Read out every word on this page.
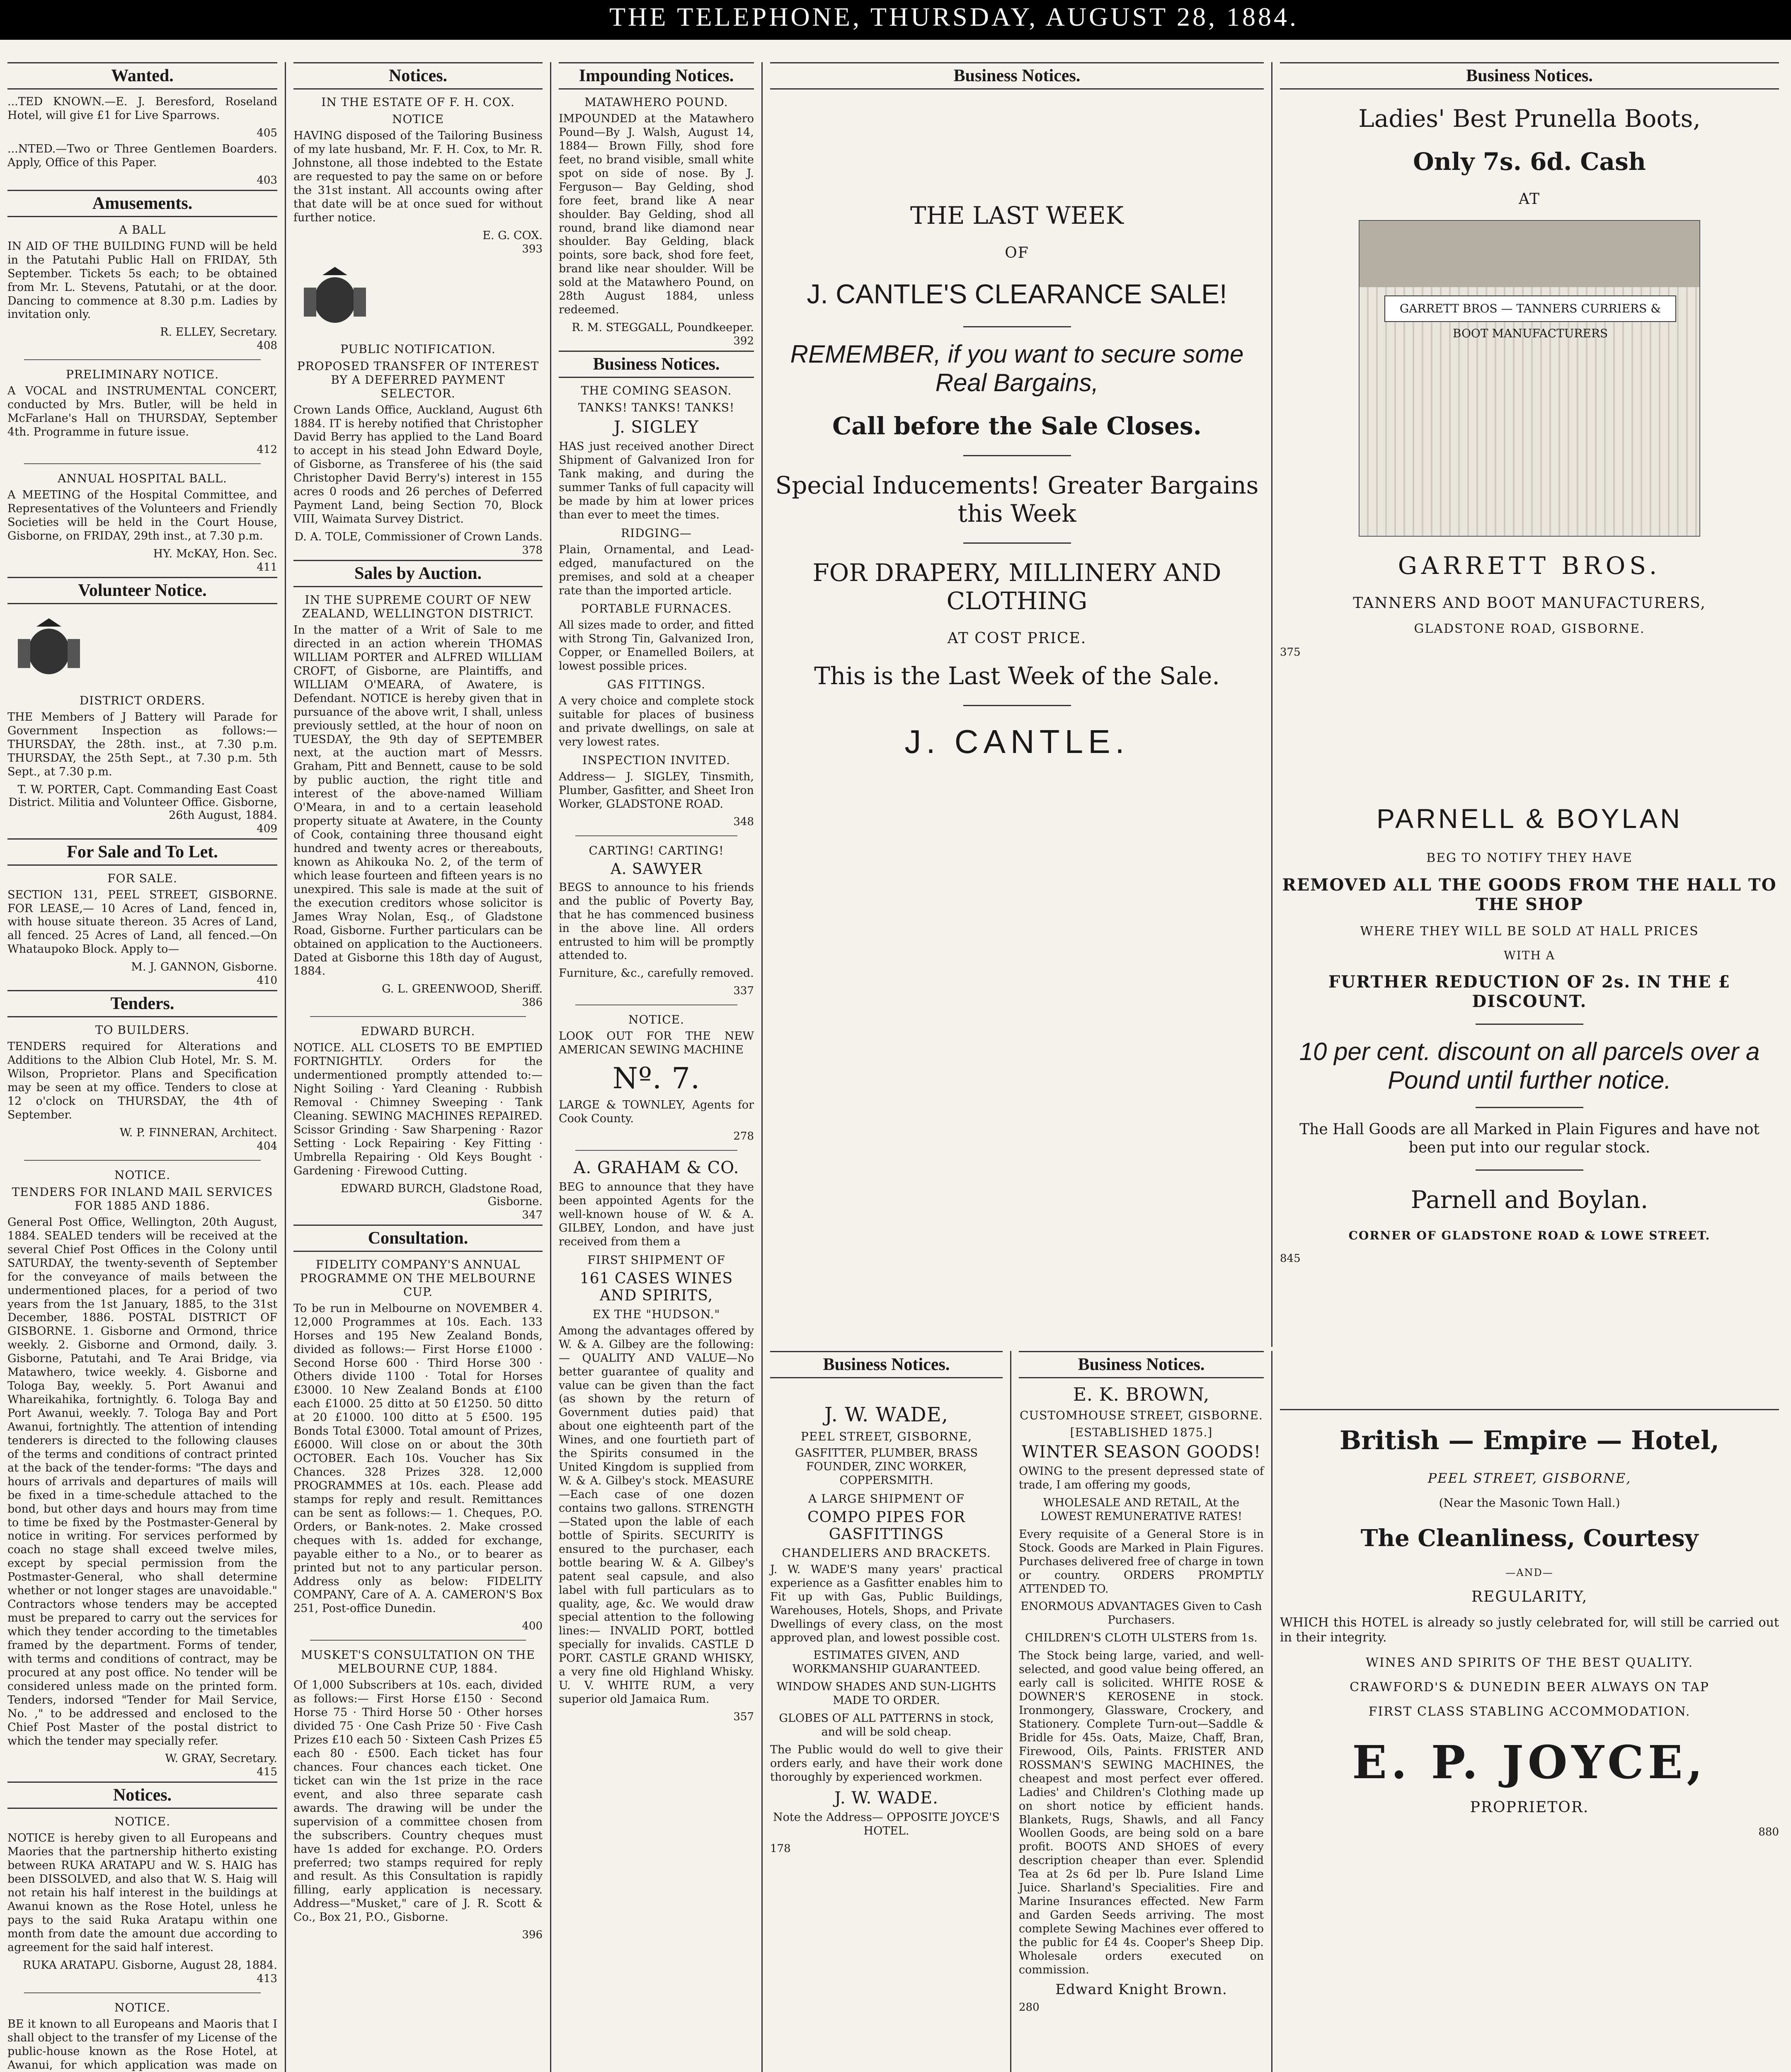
THE TELEPHONE, THURSDAY, AUGUST 28, 1884.
Wanted.

...TED KNOWN.—E. J. Beresford, Roseland Hotel, will give £1 for Live Sparrows.

405

...NTED.—Two or Three Gentlemen Boarders. Apply, Office of this Paper.

403
Amusements.
A BALL

IN AID OF THE BUILDING FUND will be held in the Patutahi Public Hall on FRIDAY, 5th September. Tickets 5s each; to be obtained from Mr. L. Stevens, Patutahi, or at the door. Dancing to commence at 8.30 p.m. Ladies by invitation only.

R. ELLEY, Secretary.
408
PRELIMINARY NOTICE.

A VOCAL and INSTRUMENTAL CONCERT, conducted by Mrs. Butler, will be held in McFarlane's Hall on THURSDAY, September 4th. Programme in future issue.

412
ANNUAL HOSPITAL BALL.

A MEETING of the Hospital Committee, and Representatives of the Volunteers and Friendly Societies will be held in the Court House, Gisborne, on FRIDAY, 29th inst., at 7.30 p.m.

HY. McKAY, Hon. Sec.
411
Volunteer Notice.
DISTRICT ORDERS.

THE Members of J Battery will Parade for Government Inspection as follows:— THURSDAY, the 28th. inst., at 7.30 p.m. THURSDAY, the 25th Sept., at 7.30 p.m. 5th Sept., at 7.30 p.m.

T. W. PORTER, Capt. Commanding East Coast District. Militia and Volunteer Office. Gisborne, 26th August, 1884.
409
For Sale and To Let.
FOR SALE.

SECTION 131, PEEL STREET, GISBORNE. FOR LEASE,— 10 Acres of Land, fenced in, with house situate thereon. 35 Acres of Land, all fenced. 25 Acres of Land, all fenced.—On Whataupoko Block. Apply to—

M. J. GANNON, Gisborne.
410
Tenders.
TO BUILDERS.

TENDERS required for Alterations and Additions to the Albion Club Hotel, Mr. S. M. Wilson, Proprietor. Plans and Specification may be seen at my office. Tenders to close at 12 o'clock on THURSDAY, the 4th of September.

W. P. FINNERAN, Architect.
404
NOTICE.
TENDERS FOR INLAND MAIL SERVICES FOR 1885 AND 1886.

General Post Office, Wellington, 20th August, 1884. SEALED tenders will be received at the several Chief Post Offices in the Colony until SATURDAY, the twenty-seventh of September for the conveyance of mails between the undermentioned places, for a period of two years from the 1st January, 1885, to the 31st December, 1886. POSTAL DISTRICT OF GISBORNE. 1. Gisborne and Ormond, thrice weekly. 2. Gisborne and Ormond, daily. 3. Gisborne, Patutahi, and Te Arai Bridge, via Matawhero, twice weekly. 4. Gisborne and Tologa Bay, weekly. 5. Port Awanui and Whareikahika, fortnightly. 6. Tologa Bay and Port Awanui, weekly. 7. Tologa Bay and Port Awanui, fortnightly. The attention of intending tenderers is directed to the following clauses of the terms and conditions of contract printed at the back of the tender-forms: "The days and hours of arrivals and departures of mails will be fixed in a time-schedule attached to the bond, but other days and hours may from time to time be fixed by the Postmaster-General by notice in writing. For services performed by coach no stage shall exceed twelve miles, except by special permission from the Postmaster-General, who shall determine whether or not longer stages are unavoidable." Contractors whose tenders may be accepted must be prepared to carry out the services for which they tender according to the timetables framed by the department. Forms of tender, with terms and conditions of contract, may be procured at any post office. No tender will be considered unless made on the printed form. Tenders, indorsed "Tender for Mail Service, No. ," to be addressed and enclosed to the Chief Post Master of the postal district to which the tender may specially refer.

W. GRAY, Secretary.
415
Notices.
NOTICE.

NOTICE is hereby given to all Europeans and Maories that the partnership hitherto existing between RUKA ARATAPU and W. S. HAIG has been DISSOLVED, and also that W. S. Haig will not retain his half interest in the buildings at Awanui known as the Rose Hotel, unless he pays to the said Ruka Aratapu within one month from date the amount due according to agreement for the said half interest.

RUKA ARATAPU. Gisborne, August 28, 1884.
413
NOTICE.

BE it known to all Europeans and Maoris that I shall object to the transfer of my License of the public-house known as the Rose Hotel, at Awanui, for which application was made on

Notices.
IN THE ESTATE OF F. H. COX.
NOTICE

HAVING disposed of the Tailoring Business of my late husband, Mr. F. H. Cox, to Mr. R. Johnstone, all those indebted to the Estate are requested to pay the same on or before the 31st instant. All accounts owing after that date will be at once sued for without further notice.

E. G. COX.
393
PUBLIC NOTIFICATION.
PROPOSED TRANSFER OF INTEREST BY A DEFERRED PAYMENT SELECTOR.

Crown Lands Office, Auckland, August 6th 1884. IT is hereby notified that Christopher David Berry has applied to the Land Board to accept in his stead John Edward Doyle, of Gisborne, as Transferee of his (the said Christopher David Berry's) interest in 155 acres 0 roods and 26 perches of Deferred Payment Land, being Section 70, Block VIII, Waimata Survey District.

D. A. TOLE, Commissioner of Crown Lands.
378
Sales by Auction.
IN THE SUPREME COURT OF NEW ZEALAND, WELLINGTON DISTRICT.

In the matter of a Writ of Sale to me directed in an action wherein THOMAS WILLIAM PORTER and ALFRED WILLIAM CROFT, of Gisborne, are Plaintiffs, and WILLIAM O'MEARA, of Awatere, is Defendant. NOTICE is hereby given that in pursuance of the above writ, I shall, unless previously settled, at the hour of noon on TUESDAY, the 9th day of SEPTEMBER next, at the auction mart of Messrs. Graham, Pitt and Bennett, cause to be sold by public auction, the right title and interest of the above-named William O'Meara, in and to a certain leasehold property situate at Awatere, in the County of Cook, containing three thousand eight hundred and twenty acres or thereabouts, known as Ahikouka No. 2, of the term of which lease fourteen and fifteen years is no unexpired. This sale is made at the suit of the execution creditors whose solicitor is James Wray Nolan, Esq., of Gladstone Road, Gisborne. Further particulars can be obtained on application to the Auctioneers. Dated at Gisborne this 18th day of August, 1884.

G. L. GREENWOOD, Sheriff.
386
EDWARD BURCH.

NOTICE. ALL CLOSETS TO BE EMPTIED FORTNIGHTLY. Orders for the undermentioned promptly attended to:— Night Soiling · Yard Cleaning · Rubbish Removal · Chimney Sweeping · Tank Cleaning. SEWING MACHINES REPAIRED. Scissor Grinding · Saw Sharpening · Razor Setting · Lock Repairing · Key Fitting · Umbrella Repairing · Old Keys Bought · Gardening · Firewood Cutting.

EDWARD BURCH, Gladstone Road, Gisborne.
347
Consultation.
FIDELITY COMPANY'S ANNUAL PROGRAMME ON THE MELBOURNE CUP.

To be run in Melbourne on NOVEMBER 4. 12,000 Programmes at 10s. Each. 133 Horses and 195 New Zealand Bonds, divided as follows:— First Horse £1000 · Second Horse 600 · Third Horse 300 · Others divide 1100 · Total for Horses £3000. 10 New Zealand Bonds at £100 each £1000. 25 ditto at 50 £1250. 50 ditto at 20 £1000. 100 ditto at 5 £500. 195 Bonds Total £3000. Total amount of Prizes, £6000. Will close on or about the 30th OCTOBER. Each 10s. Voucher has Six Chances. 328 Prizes 328. 12,000 PROGRAMMES at 10s. each. Please add stamps for reply and result. Remittances can be sent as follows:— 1. Cheques, P.O. Orders, or Bank-notes. 2. Make crossed cheques with 1s. added for exchange, payable either to a No., or to bearer as printed but not to any particular person. Address only as below: FIDELITY COMPANY, Care of A. A. CAMERON'S Box 251, Post-office Dunedin.

400
MUSKET'S CONSULTATION ON THE MELBOURNE CUP, 1884.

Of 1,000 Subscribers at 10s. each, divided as follows:— First Horse £150 · Second Horse 75 · Third Horse 50 · Other horses divided 75 · One Cash Prize 50 · Five Cash Prizes £10 each 50 · Sixteen Cash Prizes £5 each 80 · £500. Each ticket has four chances. Four chances each ticket. One ticket can win the 1st prize in the race event, and also three separate cash awards. The drawing will be under the supervision of a committee chosen from the subscribers. Country cheques must have 1s added for exchange. P.O. Orders preferred; two stamps required for reply and result. As this Consultation is rapidly filling, early application is necessary. Address—"Musket," care of J. R. Scott & Co., Box 21, P.O., Gisborne.

396
Impounding Notices.
MATAWHERO POUND.

IMPOUNDED at the Matawhero Pound—By J. Walsh, August 14, 1884— Brown Filly, shod fore feet, no brand visible, small white spot on side of nose. By J. Ferguson— Bay Gelding, shod fore feet, brand like A near shoulder. Bay Gelding, shod all round, brand like diamond near shoulder. Bay Gelding, black points, sore back, shod fore feet, brand like near shoulder. Will be sold at the Matawhero Pound, on 28th August 1884, unless redeemed.

R. M. STEGGALL, Poundkeeper.
392
Business Notices.
THE COMING SEASON.
TANKS! TANKS! TANKS!
J. SIGLEY

HAS just received another Direct Shipment of Galvanized Iron for Tank making, and during the summer Tanks of full capacity will be made by him at lower prices than ever to meet the times.

RIDGING—

Plain, Ornamental, and Lead-edged, manufactured on the premises, and sold at a cheaper rate than the imported article.

PORTABLE FURNACES.

All sizes made to order, and fitted with Strong Tin, Galvanized Iron, Copper, or Enamelled Boilers, at lowest possible prices.

GAS FITTINGS.

A very choice and complete stock suitable for places of business and private dwellings, on sale at very lowest rates.

INSPECTION INVITED.

Address— J. SIGLEY, Tinsmith, Plumber, Gasfitter, and Sheet Iron Worker, GLADSTONE ROAD.

348
CARTING! CARTING!
A. SAWYER

BEGS to announce to his friends and the public of Poverty Bay, that he has commenced business in the above line. All orders entrusted to him will be promptly attended to.

Furniture, &c., carefully removed.

337
NOTICE.

LOOK OUT FOR THE NEW AMERICAN SEWING MACHINE

Nº. 7.

LARGE & TOWNLEY, Agents for Cook County.

278
A. GRAHAM & CO.

BEG to announce that they have been appointed Agents for the well-known house of W. & A. GILBEY, London, and have just received from them a

FIRST SHIPMENT OF
161 CASES WINES AND SPIRITS,
EX THE "HUDSON."

Among the advantages offered by W. & A. Gilbey are the following:— QUALITY AND VALUE—No better guarantee of quality and value can be given than the fact (as shown by the return of Government duties paid) that about one eighteenth part of the Wines, and one fourtieth part of the Spirits consumed in the United Kingdom is supplied from W. & A. Gilbey's stock. MEASURE—Each case of one dozen contains two gallons. STRENGTH—Stated upon the lable of each bottle of Spirits. SECURITY is ensured to the purchaser, each bottle bearing W. & A. Gilbey's patent seal capsule, and also label with full particulars as to quality, age, &c. We would draw special attention to the following lines:— INVALID PORT, bottled specially for invalids. CASTLE D PORT. CASTLE GRAND WHISKY, a very fine old Highland Whisky. U. V. WHITE RUM, a very superior old Jamaica Rum.

357
Business Notices.
THE LAST WEEK
OF
J. CANTLE'S CLEARANCE SALE!
REMEMBER, if you want to secure some Real Bargains,
Call before the Sale Closes.
Special Inducements! Greater Bargains this Week
FOR DRAPERY, MILLINERY AND CLOTHING
AT COST PRICE.
This is the Last Week of the Sale.
J. CANTLE.
Business Notices.
J. W. WADE,
PEEL STREET, GISBORNE,

GASFITTER, PLUMBER, BRASS FOUNDER, ZINC WORKER, COPPERSMITH.

A LARGE SHIPMENT OF
COMPO PIPES FOR GASFITTINGS
CHANDELIERS AND BRACKETS.

J. W. WADE'S many years' practical experience as a Gasfitter enables him to Fit up with Gas, Public Buildings, Warehouses, Hotels, Shops, and Private Dwellings of every class, on the most approved plan, and lowest possible cost.

ESTIMATES GIVEN, AND WORKMANSHIP GUARANTEED.

WINDOW SHADES AND SUN-LIGHTS MADE TO ORDER.

GLOBES OF ALL PATTERNS in stock, and will be sold cheap.

The Public would do well to give their orders early, and have their work done thoroughly by experienced workmen.

J. W. WADE.

Note the Address— OPPOSITE JOYCE'S HOTEL.

178
Business Notices.
E. K. BROWN,
CUSTOMHOUSE STREET, GISBORNE.
[ESTABLISHED 1875.]
WINTER SEASON GOODS!

OWING to the present depressed state of trade, I am offering my goods,

WHOLESALE AND RETAIL, At the LOWEST REMUNERATIVE RATES!

Every requisite of a General Store is in Stock. Goods are Marked in Plain Figures. Purchases delivered free of charge in town or country. ORDERS PROMPTLY ATTENDED TO.

ENORMOUS ADVANTAGES Given to Cash Purchasers.

CHILDREN'S CLOTH ULSTERS from 1s.

The Stock being large, varied, and well-selected, and good value being offered, an early call is solicited. WHITE ROSE & DOWNER'S KEROSENE in stock. Ironmongery, Glassware, Crockery, and Stationery. Complete Turn-out—Saddle & Bridle for 45s. Oats, Maize, Chaff, Bran, Firewood, Oils, Paints. FRISTER AND ROSSMAN'S SEWING MACHINES, the cheapest and most perfect ever offered. Ladies' and Children's Clothing made up on short notice by efficient hands. Blankets, Rugs, Shawls, and all Fancy Woollen Goods, are being sold on a bare profit. BOOTS AND SHOES of every description cheaper than ever. Splendid Tea at 2s 6d per lb. Pure Island Lime Juice. Sharland's Specialities. Fire and Marine Insurances effected. New Farm and Garden Seeds arriving. The most complete Sewing Machines ever offered to the public for £4 4s. Cooper's Sheep Dip. Wholesale orders executed on commission.

Edward Knight Brown.
280
Business Notices.
Ladies' Best Prunella Boots,
Only 7s. 6d. Cash
AT
GARRETT BROS — TANNERS CURRIERS & BOOT MANUFACTURERS
GARRETT BROS.
TANNERS AND BOOT MANUFACTURERS,
GLADSTONE ROAD, GISBORNE.
375
PARNELL & BOYLAN
BEG TO NOTIFY THEY HAVE
REMOVED ALL THE GOODS FROM THE HALL TO THE SHOP
WHERE THEY WILL BE SOLD AT HALL PRICES
WITH A
FURTHER REDUCTION OF 2s. IN THE £ DISCOUNT.
10 per cent. discount on all parcels over a Pound until further notice.

The Hall Goods are all Marked in Plain Figures and have not been put into our regular stock.

Parnell and Boylan.
CORNER OF GLADSTONE ROAD & LOWE STREET.
845
British — Empire — Hotel,
PEEL STREET, GISBORNE,
(Near the Masonic Town Hall.)
The Cleanliness, Courtesy
—AND—
REGULARITY,

WHICH this HOTEL is already so justly celebrated for, will still be carried out in their integrity.

WINES AND SPIRITS OF THE BEST QUALITY.
CRAWFORD'S & DUNEDIN BEER ALWAYS ON TAP
FIRST CLASS STABLING ACCOMMODATION.
E. P. JOYCE,
PROPRIETOR.
880
